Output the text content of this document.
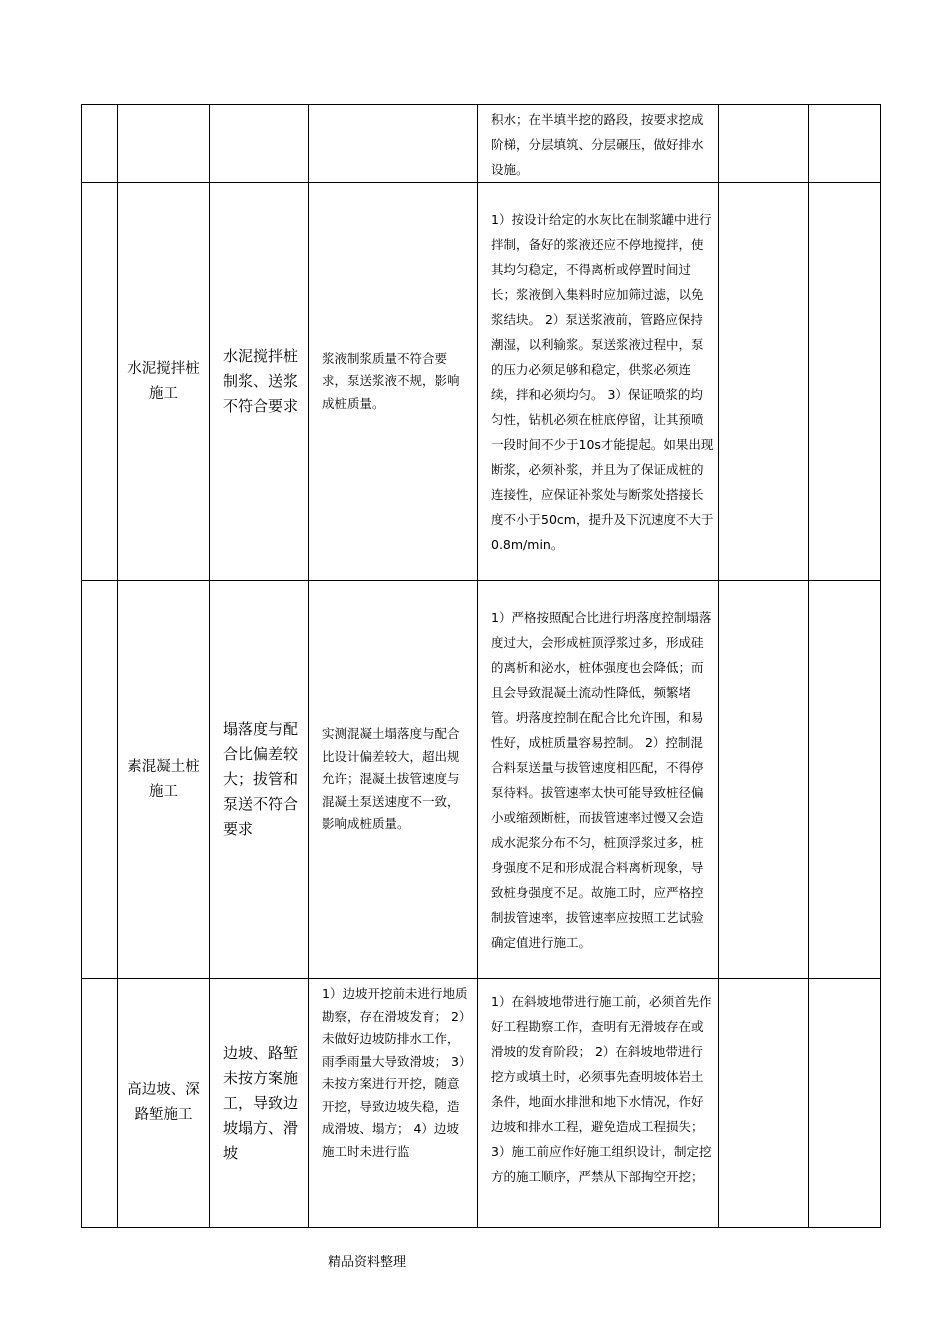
				积水；在半填半挖的路段，按要求挖成阶梯，分层填筑、分层碾压，做好排水设施。		
	水泥搅拌桩施工	水泥搅拌桩制浆、送浆不符合要求	浆液制浆质量不符合要求，泵送浆液不规，影响成桩质量。	1）按设计给定的水灰比在制浆罐中进行拌制，备好的浆液还应不停地搅拌，使其均匀稳定，不得离析或停置时间过长；浆液倒入集料时应加筛过滤，以免浆结块。 2）泵送浆液前，管路应保持潮湿，以利输浆。泵送浆液过程中，泵的压力必须足够和稳定，供浆必须连续，拌和必须均匀。 3）保证喷浆的均匀性，钻机必须在桩底停留，让其预喷一段时间不少于10s才能提起。如果出现断浆，必须补浆，并且为了保证成桩的连接性，应保证补浆处与断浆处搭接长度不小于50cm，提升及下沉速度不大于0.8m/min。		
	素混凝土桩施工	塌落度与配合比偏差较大；拔管和泵送不符合要求	实测混凝土塌落度与配合比设计偏差较大，超出规允许；混凝土拔管速度与混凝土泵送速度不一致，影响成桩质量。	1）严格按照配合比进行坍落度控制塌落度过大，会形成桩顶浮浆过多，形成硅的离析和泌水，桩体强度也会降低；而且会导致混凝土流动性降低，频繁堵管。坍落度控制在配合比允许围，和易性好，成桩质量容易控制。 2）控制混合料泵送量与拔管速度相匹配，不得停泵待料。拔管速率太快可能导致桩径偏小或缩颈断桩，而拔管速率过慢又会造成水泥浆分布不匀，桩顶浮浆过多，桩身强度不足和形成混合料离析现象，导致桩身强度不足。故施工时，应严格控制拔管速率，拔管速率应按照工艺试验确定值进行施工。		
	高边坡、深路堑施工	边坡、路堑未按方案施工，导致边坡塌方、滑坡	1）边坡开挖前未进行地质勘察，存在滑坡发育； 2）未做好边坡防排水工作，雨季雨量大导致滑坡； 3）未按方案进行开挖，随意开挖，导致边坡失稳，造成滑坡、塌方； 4）边坡施工时未进行监	1）在斜坡地带进行施工前，必须首先作好工程勘察工作，查明有无滑坡存在或滑坡的发育阶段； 2）在斜坡地带进行挖方或填土时，必须事先查明坡体岩土条件，地面水排泄和地下水情况，作好边坡和排水工程，避免造成工程损失； 3）施工前应作好施工组织设计，制定挖方的施工顺序，严禁从下部掏空开挖；		
精品资料整理
